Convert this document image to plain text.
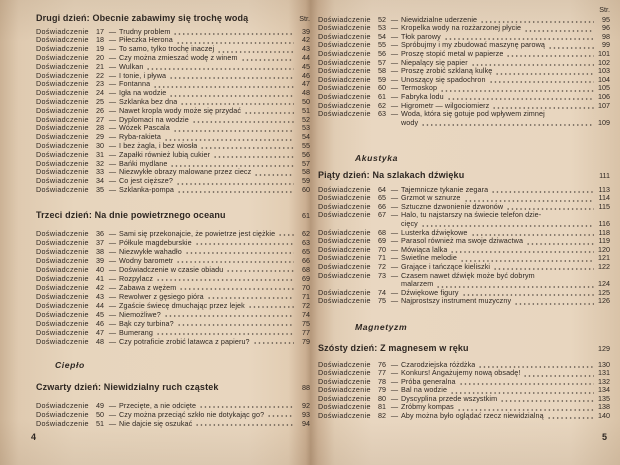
Drugi dzień: Obecnie zabawimy się trochę wodą	Str.
Doświadczenie 17 — Trudny problem	39
Doświadczenie 18 — Piłeczka Herona	42
Doświadczenie 19 — To samo, tylko trochę inaczej	43
Doświadczenie 20 — Czy można zmieszać wodę z winem	44
Doświadczenie 21 — Wulkan	45
Doświadczenie 22 — I tonie, i pływa	46
Doświadczenie 23 — Fontanna	47
Doświadczenie 24 — Igła na wodzie	48
Doświadczenie 25 — Szklanka bez dna	50
Doświadczenie 26 — Nawet kropla wody może się przydać	51
Doświadczenie 27 — Dyplomaci na wodzie	52
Doświadczenie 28 — Wózek Pascala	53
Doświadczenie 29 — Ryba-rakieta	54
Doświadczenie 30 — I bez żagla, i bez wiosła	55
Doświadczenie 31 — Zapałki również lubią cukier	56
Doświadczenie 32 — Bańki mydlane	57
Doświadczenie 33 — Niezwykłe obrazy malowane przez ciecz	58
Doświadczenie 34 — Co jest cięższe?	59
Doświadczenie 35 — Szklanka-pompa	60
Trzeci dzień: Na dnie powietrznego oceanu	61
Doświadczenie 36 — Sami się przekonajcie, że powietrze jest ciężkie	62
Doświadczenie 37 — Półkule magdeburskie	63
Doświadczenie 38 — Niezwykłe wahadło	65
Doświadczenie 39 — Wodny barometr	66
Doświadczenie 40 — Doświadczenie w czasie obiadu	68
Doświadczenie 41 — Rozpylacz	69
Doświadczenie 42 — Zabawa z wężem	70
Doświadczenie 43 — Rewolwer z gęsiego pióra	71
Doświadczenie 44 — Zgaście świecę dmuchając przez lejek	72
Doświadczenie 45 — Niemożliwe?	74
Doświadczenie 46 — Bąk czy turbina?	75
Doświadczenie 47 — Bumerang	77
Doświadczenie 48 — Czy potraficie zrobić latawca z papieru?	79
Ciepło
Czwarty dzień: Niewidzialny ruch cząstek	88
Doświadczenie 49 — Przecięte, a nie odcięte	92
Doświadczenie 50 — Czy można przeciąć szkło nie dotykając go?	93
Doświadczenie 51 — Nie dajcie się oszukać	94
4
Str.
Doświadczenie 52 — Niewidzialne uderzenie	95
Doświadczenie 53 — Kropelka wody na rozżarzonej płycie	96
Doświadczenie 54 — Tłok parowy	98
Doświadczenie 55 — Spróbujmy i my zbudować maszynę parową	99
Doświadczenie 56 — Proszę stopić metal w papierze	101
Doświadczenie 57 — Niepalący się papier	102
Doświadczenie 58 — Proszę zrobić szklaną kulkę	103
Doświadczenie 59 — Unoszący się spadochron	104
Doświadczenie 60 — Termoskop	105
Doświadczenie 61 — Fabryka lodu	106
Doświadczenie 62 — Higrometr — wilgociomierz	107
Doświadczenie 63 — Woda, która się gotuje pod wpływem zimnej
wody	109
Akustyka
Piąty dzień: Na szlakach dźwięku	111
Doświadczenie 64 — Tajemnicze tykanie zegara	113
Doświadczenie 65 — Grzmot w sznurze	114
Doświadczenie 66 — Sztuczne dzwonienie dzwonów	115
Doświadczenie 67 — Halo, tu najstarszy na świecie telefon dzie-
cięcy	116
Doświadczenie 68 — Lusterka dźwiękowe	118
Doświadczenie 69 — Parasol również ma swoje dziwactwa	119
Doświadczenie 70 — Mówiąca lalka	120
Doświadczenie 71 — Świetlne melodie	121
Doświadczenie 72 — Grające i tańczące kieliszki	122
Doświadczenie 73 — Czasem nawet dźwięk może być dobrym
malarzem	124
Doświadczenie 74 — Dźwiękowe figury	125
Doświadczenie 75 — Najprostszy instrument muzyczny	126
Magnetyzm
Szósty dzień: Z magnesem w ręku	129
Doświadczenie 76 — Czarodziejska różdżka	130
Doświadczenie 77 — Konkurs! Angażujemy nową obsadę!	131
Doświadczenie 78 — Próba generalna	132
Doświadczenie 79 — Bal na wodzie	134
Doświadczenie 80 — Dyscyplina przede wszystkim	135
Doświadczenie 81 — Zróbmy kompas	138
Doświadczenie 82 — Aby można było oglądać rzecz niewidzialną	140
5
